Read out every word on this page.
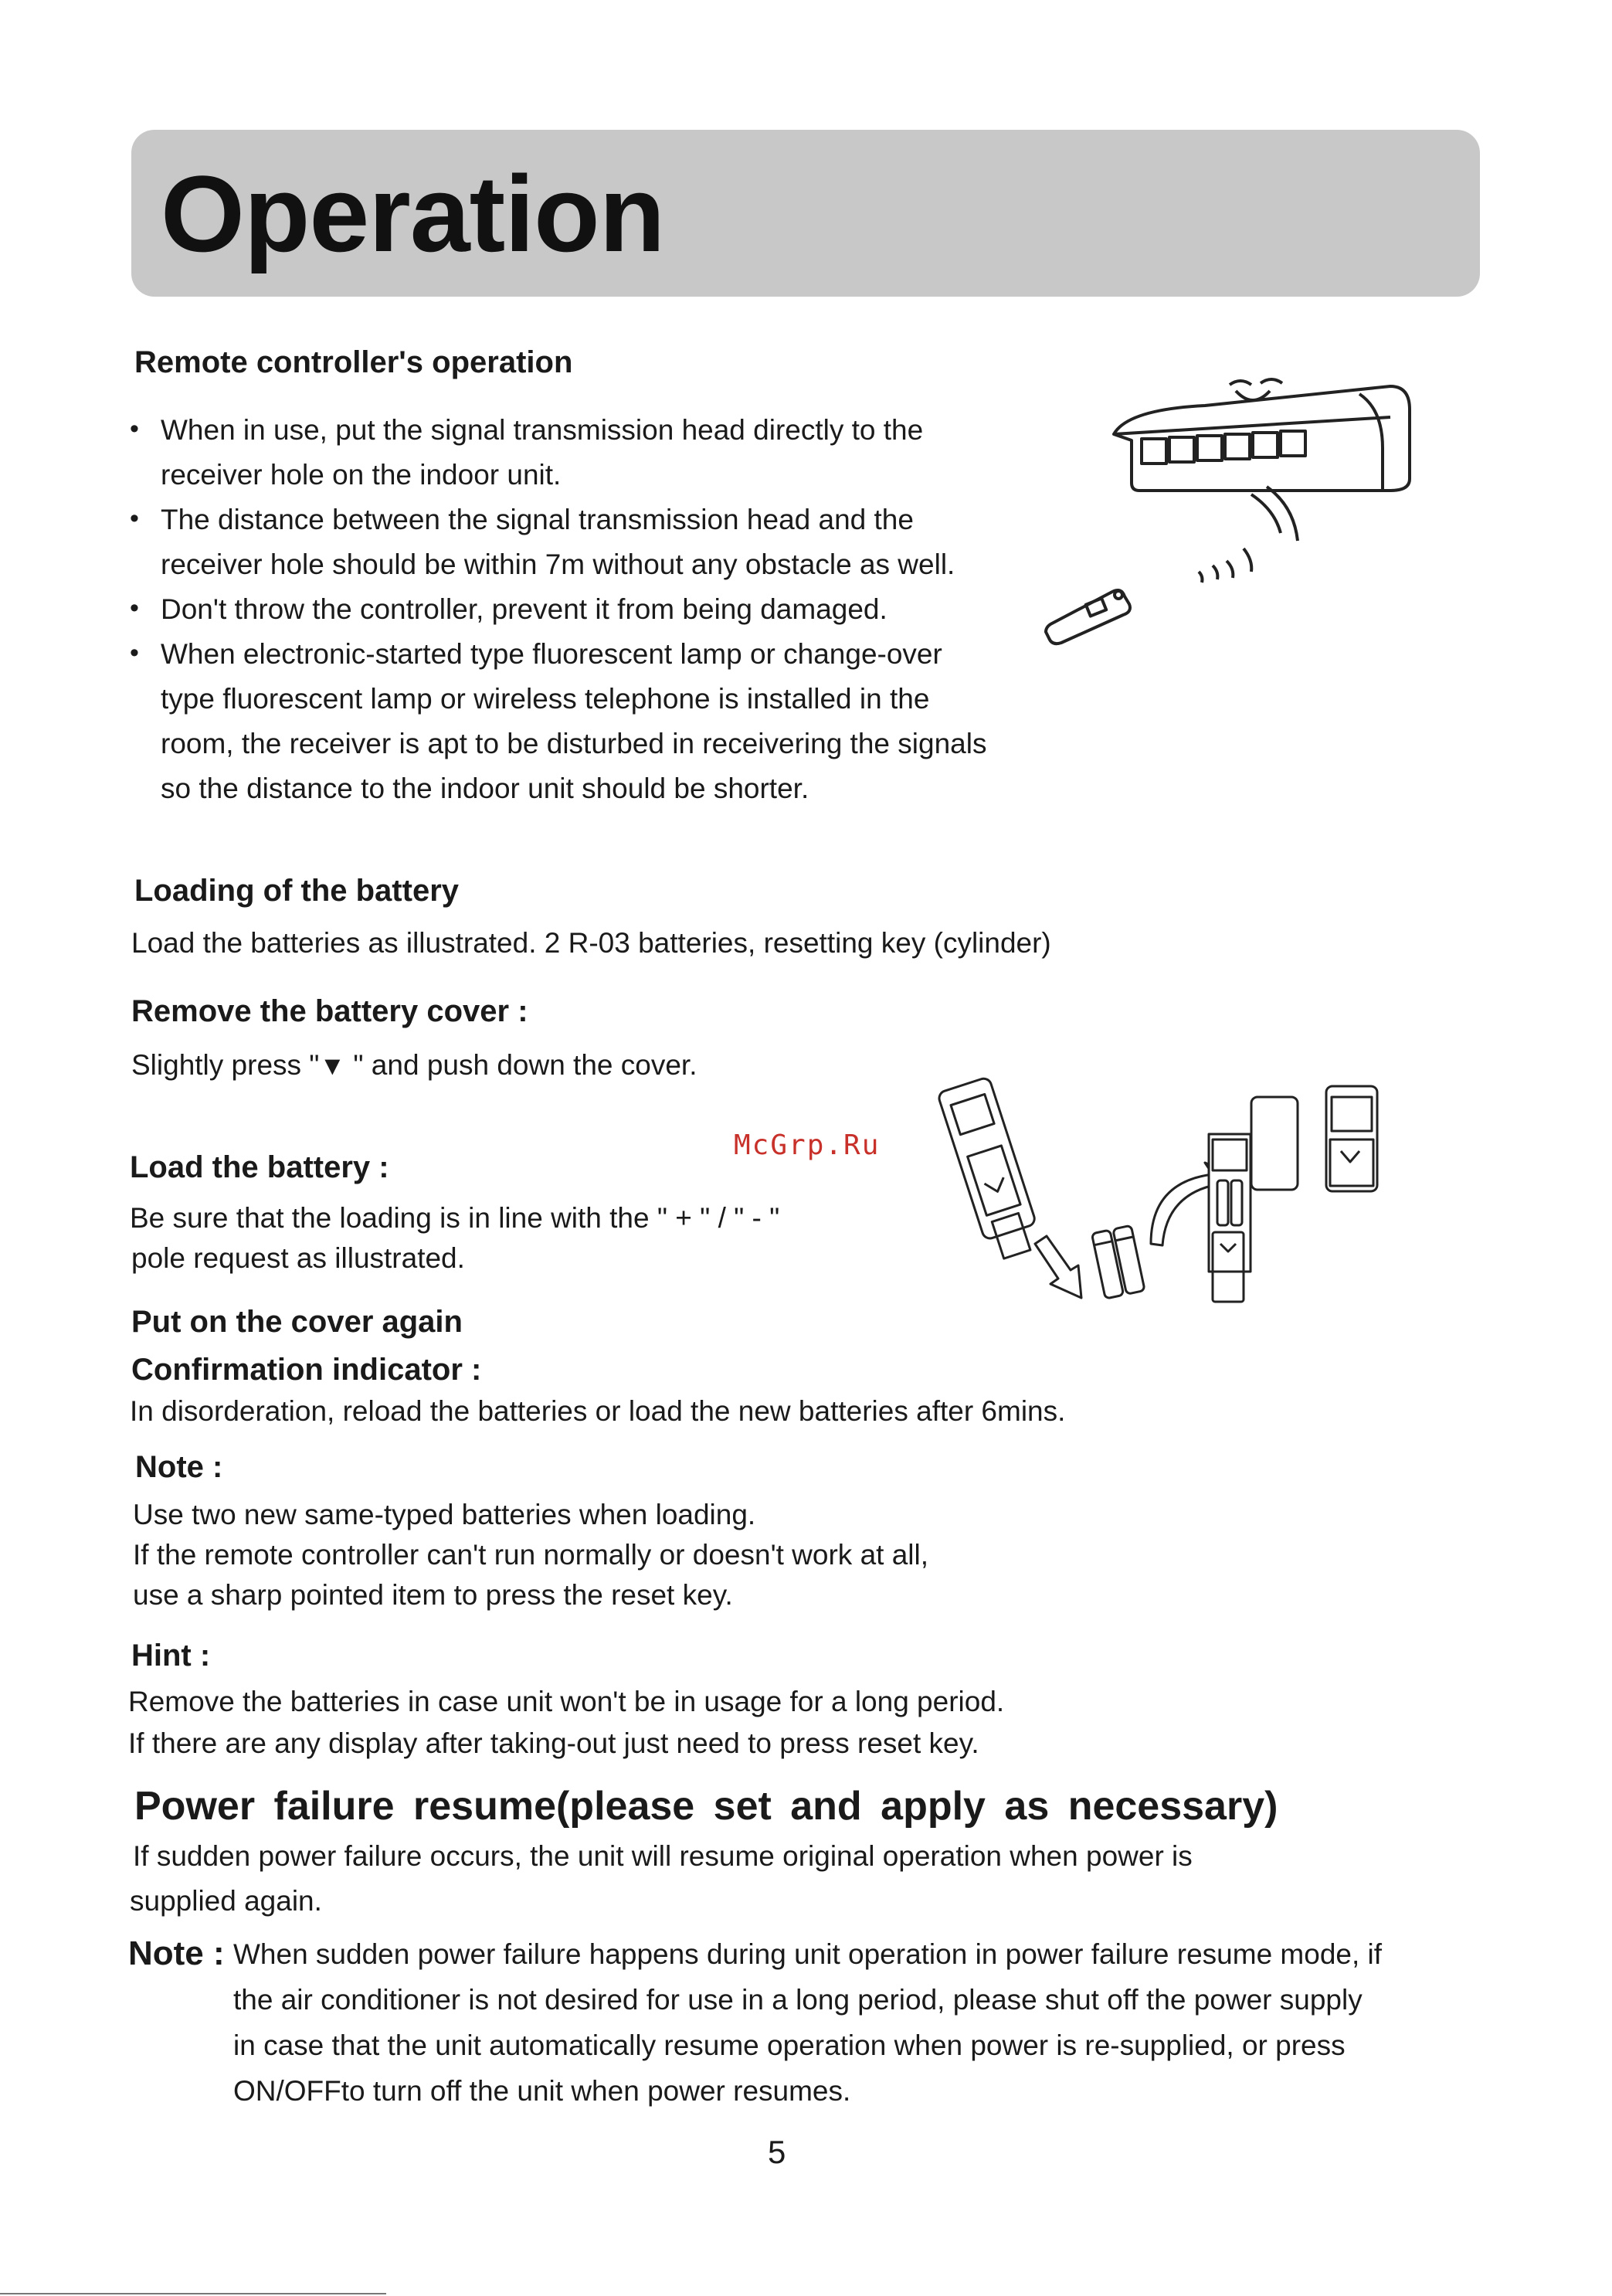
Operation
Remote controller's operation
• When in use, put the signal transmission head directly to the
receiver hole on the indoor unit.
• The distance between the signal transmission head and the
receiver hole should be within 7m without any obstacle as well.
• Don't throw the controller, prevent it from being damaged.
• When electronic-started type fluorescent lamp or change-over
type fluorescent lamp or wireless telephone is installed in the
room, the receiver is apt to be disturbed in receivering the signals
so the distance to the indoor unit should be shorter.
Loading of the battery
Load the batteries as illustrated. 2 R-03 batteries, resetting key (cylinder)
Remove the battery cover :
Slightly press "▼ " and push down the cover.
Load the battery :
McGrp.Ru
Be sure that the loading is in line with the " + " / " - "
pole request as illustrated.
Put on the cover again
Confirmation indicator :
In disorderation, reload the batteries or load the new batteries after 6mins.
Note :
Use two new same-typed batteries when loading.
If the remote controller can't run normally or doesn't work at all,
use a sharp pointed item to press the reset key.
Hint :
Remove the batteries in case unit won't be in usage for a long period.
If there are any display after taking-out just need to press reset key.
Power failure resume(please set and apply as necessary)
If sudden power failure occurs, the unit will resume original operation when power is
supplied again.
Note : When sudden power failure happens during unit operation in power failure resume mode, if
the air conditioner is not desired for use in a long period, please shut off the power supply
in case that the unit automatically resume operation when power is re-supplied, or press
ON/OFFto turn off the unit when power resumes.
5
